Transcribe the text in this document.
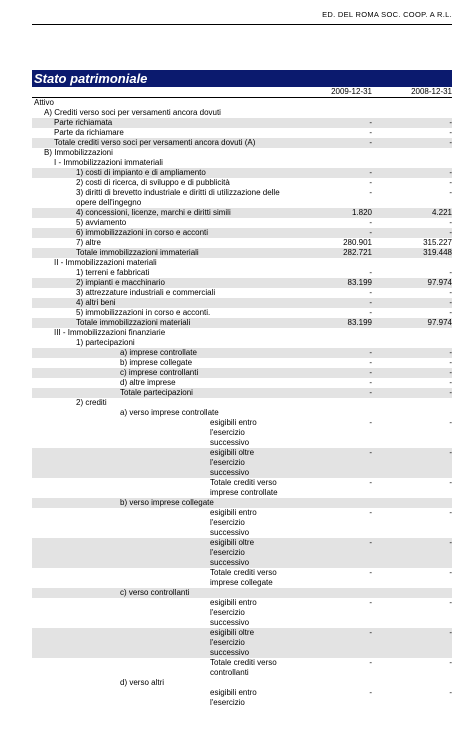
ED. DEL ROMA SOC. COOP. A R.L.
Stato patrimoniale
	2009-12-31	2008-12-31

Attivo		

A) Crediti verso soci per versamenti ancora dovuti		

Parte richiamata	-	-

Parte da richiamare	-	-

Totale crediti verso soci per versamenti ancora dovuti (A)	-	-

B) Immobilizzazioni		

I - Immobilizzazioni immateriali		

1) costi di impianto e di ampliamento	-	-

2) costi di ricerca, di sviluppo e di pubblicità	-	-

3) diritti di brevetto industriale e diritti di utilizzazione delle opere dell'ingegno	-	-

4) concessioni, licenze, marchi e diritti simili	1.820	4.221

5) avviamento	-	-

6) immobilizzazioni in corso e acconti	-	-

7) altre	280.901	315.227

Totale immobilizzazioni immateriali	282.721	319.448

II - Immobilizzazioni materiali		

1) terreni e fabbricati	-	-

2) impianti e macchinario	83.199	97.974

3) attrezzature industriali e commerciali	-	-

4) altri beni	-	-

5) immobilizzazioni in corso e acconti.	-	-

Totale immobilizzazioni materiali	83.199	97.974

III - Immobilizzazioni finanziarie		

1) partecipazioni		

a) imprese controllate	-	-

b) imprese collegate	-	-

c) imprese controllanti	-	-

d) altre imprese	-	-

Totale partecipazioni	-	-

2) crediti		

a) verso imprese controllate		

esigibili entro l'esercizio successivo	-	-

esigibili oltre l'esercizio successivo	-	-

Totale crediti verso imprese controllate	-	-

b) verso imprese collegate		

esigibili entro l'esercizio successivo	-	-

esigibili oltre l'esercizio successivo	-	-

Totale crediti verso imprese collegate	-	-

c) verso controllanti		

esigibili entro l'esercizio successivo	-	-

esigibili oltre l'esercizio successivo	-	-

Totale crediti verso controllanti	-	-

d) verso altri		

esigibili entro l'esercizio	-	-
